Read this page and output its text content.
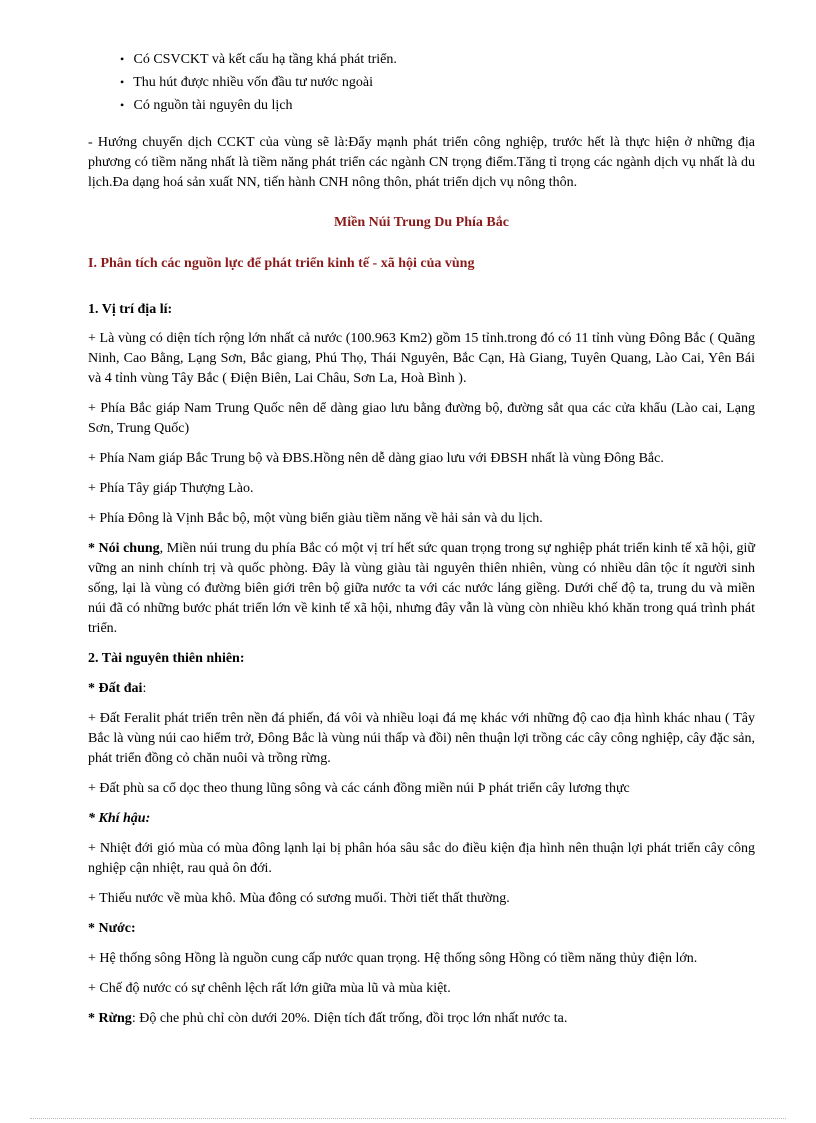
• Có CSVCKT và kết cấu hạ tầng khá phát triển.
• Thu hút được nhiều vốn đầu tư nước ngoài
• Có nguồn tài nguyên du lịch

- Hướng chuyển dịch CCKT của vùng sẽ là:Đẩy mạnh phát triển công nghiệp, trước hết là thực hiện ở những địa phương có tiềm năng nhất là tiềm năng phát triển các ngành CN trọng điểm.Tăng tỉ trọng các ngành dịch vụ nhất là du lịch.Đa dạng hoá sản xuất NN, tiến hành CNH nông thôn, phát triển dịch vụ nông thôn.

Miền Núi Trung Du Phía Bắc
I. Phân tích các nguồn lực để phát triển kinh tế - xã hội của vùng
1. Vị trí địa lí:

+ Là vùng có diện tích rộng lớn nhất cả nước (100.963 Km2) gồm 15 tỉnh.trong đó có 11 tỉnh vùng Đông Bắc ( Quãng Ninh, Cao Bằng, Lạng Sơn, Bắc giang, Phú Thọ, Thái Nguyên, Bắc Cạn, Hà Giang, Tuyên Quang, Lào Cai, Yên Bái và 4 tỉnh vùng Tây Bắc ( Điện Biên, Lai Châu, Sơn La, Hoà Bình ).

+ Phía Bắc giáp Nam Trung Quốc nên dể dàng giao lưu bằng đường bộ, đường sắt qua các cửa khẩu (Lào cai, Lạng Sơn, Trung Quốc)

+ Phía Nam giáp Bắc Trung bộ và ĐBS.Hồng nên dễ dàng giao lưu với ĐBSH nhất là vùng Đông Bắc.

+ Phía Tây giáp Thượng Lào.

+ Phía Đông là Vịnh Bắc bộ, một vùng biển giàu tiềm năng về hải sản và du lịch.

* Nói chung, Miền núi trung du phía Bắc có một vị trí hết sức quan trọng trong sự nghiệp phát triển kinh tế xã hội, giữ vững an ninh chính trị và quốc phòng. Đây là vùng giàu tài nguyên thiên nhiên, vùng có nhiều dân tộc ít người sinh sống, lại là vùng có đường biên giới trên bộ giữa nước ta với các nước láng giềng. Dưới chế độ ta, trung du và miền núi đã có những bước phát triển lớn về kinh tế xã hội, nhưng đây vẫn là vùng còn nhiều khó khăn trong quá trình phát triển.

2. Tài nguyên thiên nhiên:

* Đất đai:

+ Đất Feralit phát triển trên nền đá phiến, đá vôi và nhiều loại đá mẹ khác với những độ cao địa hình khác nhau ( Tây Bắc là vùng núi cao hiểm trở, Đông Bắc là vùng núi thấp và đồi) nên thuận lợi trồng các cây công nghiệp, cây đặc sản, phát triển đồng cỏ chăn nuôi và trồng rừng.

+ Đất phù sa cổ dọc theo thung lũng sông và các cánh đồng miền núi Þ phát triển cây lương thực

* Khí hậu:

+ Nhiệt đới gió mùa có mùa đông lạnh lại bị phân hóa sâu sắc do điều kiện địa hình nên thuận lợi phát triển cây công nghiệp cận nhiệt, rau quả ôn đới.

+ Thiếu nước về mùa khô. Mùa đông có sương muối. Thời tiết thất thường.

* Nước:

+ Hệ thống sông Hồng là nguồn cung cấp nước quan trọng. Hệ thống sông Hồng có tiềm năng thủy điện lớn.

+ Chế độ nước có sự chênh lệch rất lớn giữa mùa lũ và mùa kiệt.

* Rừng: Độ che phủ chỉ còn dưới 20%. Diện tích đất trống, đồi trọc lớn nhất nước ta.
